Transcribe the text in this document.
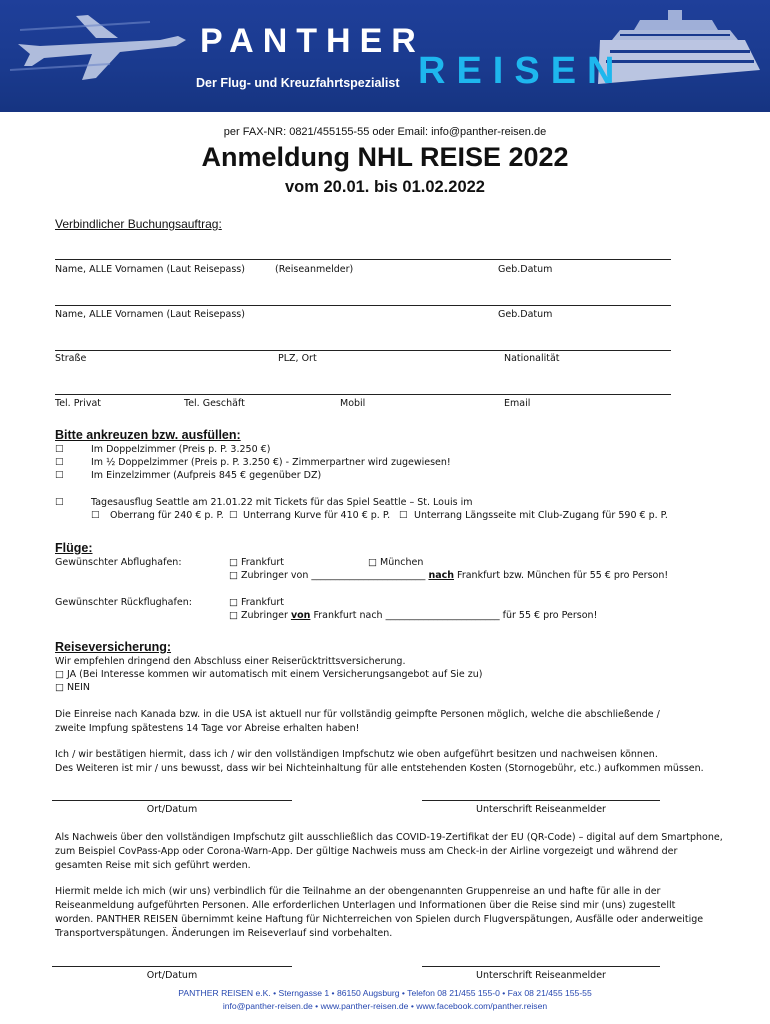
PANTHER
Der Flug- und Kreuzfahrtspezialist REISEN
per FAX-NR: 0821/455155-55 oder Email: info@panther-reisen.de
Anmeldung NHL REISE 2022
vom 20.01. bis 01.02.2022
Verbindlicher Buchungsauftrag:
Name, ALLE Vornamen (Laut Reisepass)	(Reiseanmelder)	Geb.Datum
Name, ALLE Vornamen (Laut Reisepass)	Geb.Datum
Straße	PLZ, Ort	Nationalität
Tel. Privat	Tel. Geschäft	Mobil	Email
Bitte ankreuzen bzw. ausfüllen:
□	Im Doppelzimmer (Preis p. P. 3.250 €)
□	Im ½ Doppelzimmer (Preis p. P. 3.250 €) - Zimmerpartner wird zugewiesen!
□	Im Einzelzimmer (Aufpreis 845 € gegenüber DZ)
□	Tagesausflug Seattle am 21.01.22 mit Tickets für das Spiel Seattle – St. Louis im
□ Oberrang für 240 € p. P. □ Unterrang Kurve für 410 € p. P. □ Unterrang Längsseite mit Club-Zugang für 590 € p. P.
Flüge:
Gewünschter Abflughafen:	□ Frankfurt	□ München
□ Zubringer von ________________________ nach Frankfurt bzw. München für 55 € pro Person!
Gewünschter Rückflughafen:	□ Frankfurt
□ Zubringer von Frankfurt nach ________________________ für 55 € pro Person!
Reiseversicherung:
Wir empfehlen dringend den Abschluss einer Reiserücktrittsversicherung.
□ JA (Bei Interesse kommen wir automatisch mit einem Versicherungsangebot auf Sie zu)
□ NEIN
Die Einreise nach Kanada bzw. in die USA ist aktuell nur für vollständig geimpfte Personen möglich, welche die abschließende /
zweite Impfung spätestens 14 Tage vor Abreise erhalten haben!
Ich / wir bestätigen hiermit, dass ich / wir den vollständigen Impfschutz wie oben aufgeführt besitzen und nachweisen können.
Des Weiteren ist mir / uns bewusst, dass wir bei Nichteinhaltung für alle entstehenden Kosten (Stornogebühr, etc.) aufkommen müssen.
Ort/Datum	Unterschrift Reiseanmelder
Als Nachweis über den vollständigen Impfschutz gilt ausschließlich das COVID-19-Zertifikat der EU (QR-Code) – digital auf dem Smartphone,
zum Beispiel CovPass-App oder Corona-Warn-App. Der gültige Nachweis muss am Check-in der Airline vorgezeigt und während der
gesamten Reise mit sich geführt werden.
Hiermit melde ich mich (wir uns) verbindlich für die Teilnahme an der obengenannten Gruppenreise an und hafte für alle in der
Reiseanmeldung aufgeführten Personen. Alle erforderlichen Unterlagen und Informationen über die Reise sind mir (uns) zugestellt
worden. PANTHER REISEN übernimmt keine Haftung für Nichterreichen von Spielen durch Flugverspätungen, Ausfälle oder anderweitige
Transportverspätungen. Änderungen im Reiseverlauf sind vorbehalten.
Ort/Datum	Unterschrift Reiseanmelder
PANTHER REISEN e.K. • Sterngasse 1 • 86150 Augsburg • Telefon 08 21/455 155-0 • Fax 08 21/455 155-55
info@panther-reisen.de • www.panther-reisen.de • www.facebook.com/panther.reisen
